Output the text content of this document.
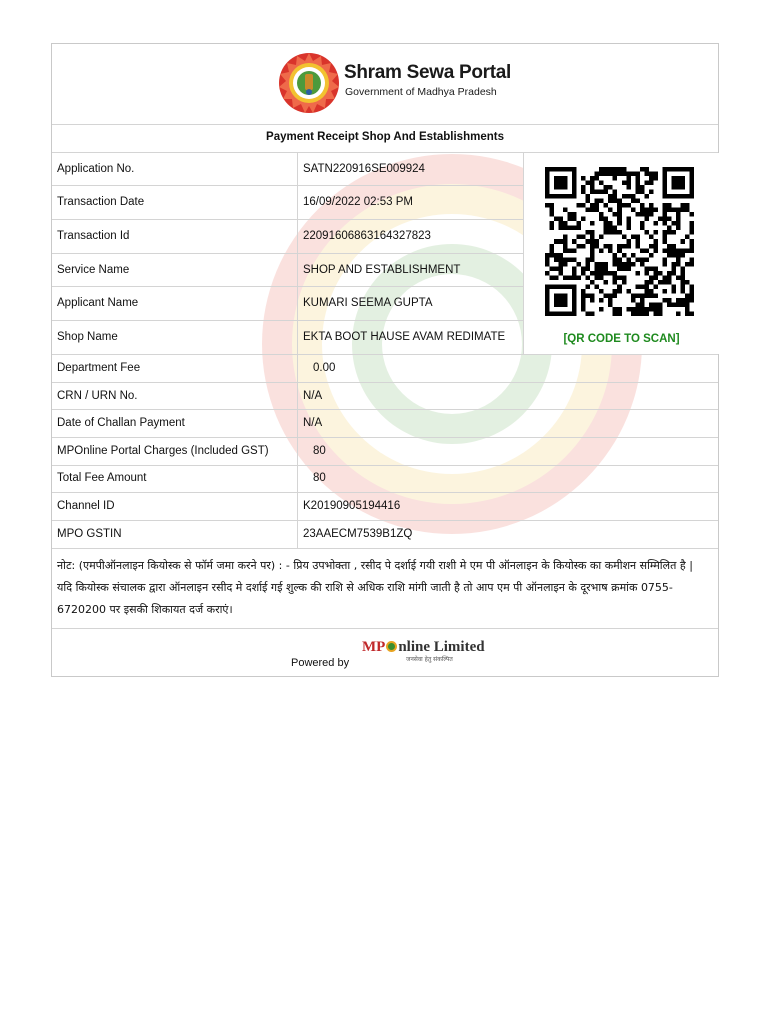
Shram Sewa Portal
Government of Madhya Pradesh
Payment Receipt Shop And Establishments
Application No.	SATN220916SE009924
Transaction Date	16/09/2022 02:53 PM
Transaction Id	22091606863164327823
Service Name	SHOP AND ESTABLISHMENT
Applicant Name	KUMARI SEEMA GUPTA
Shop Name	EKTA BOOT HAUSE AVAM REDIMATE
Department Fee	0.00
CRN / URN No.	N/A
Date of Challan Payment	N/A
MPOnline Portal Charges (Included GST)	80
Total Fee Amount	80
Channel ID	K20190905194416
MPO GSTIN	23AAECM7539B1ZQ
[QR CODE TO SCAN]
नोट: (एमपीऑनलाइन कियोस्क से फॉर्म जमा करने पर) : - प्रिय उपभोक्ता , रसीद पे दर्शाई गयी राशी मे एम पी ऑनलाइन के कियोस्क का कमीशन सम्मिलित है | यदि कियोस्क संचालक द्वारा ऑनलाइन रसीद मे दर्शाई गई शुल्क की राशि से अधिक राशि मांगी जाती है तो आप एम पी ऑनलाइन के दूरभाष क्रमांक 0755-6720200 पर इसकी शिकायत दर्ज कराएं।
Powered by
MP nline Limited
जनसेवा हेतु संकल्पित
